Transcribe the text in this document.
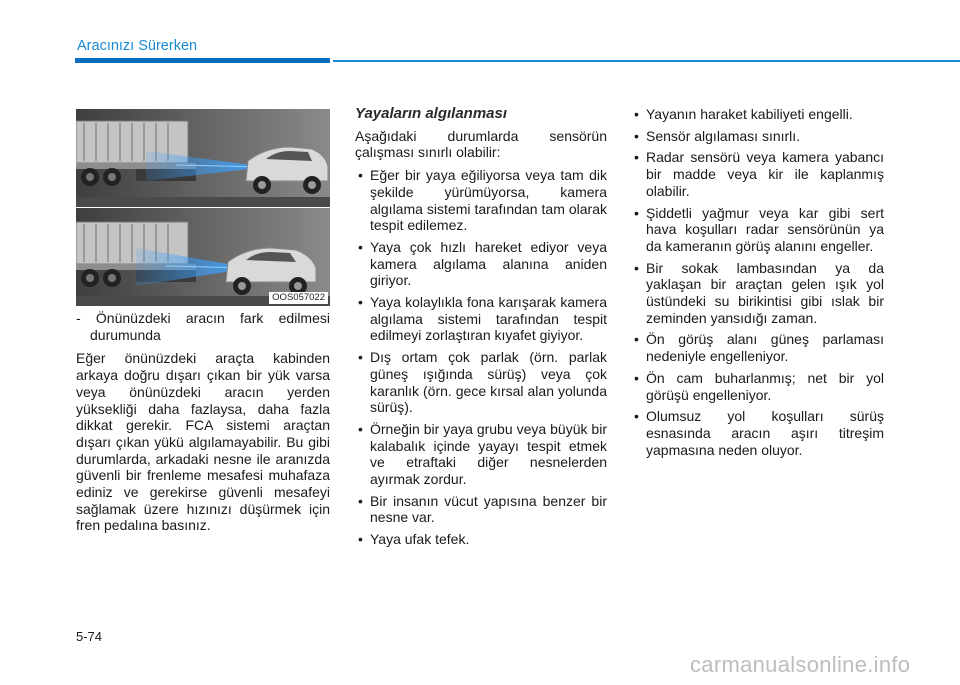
Aracınızı Sürerken
OOS057022

- Önünüzdeki aracın fark edilmesi durumunda

Eğer önünüzdeki araçta kabinden arkaya doğru dışarı çıkan bir yük varsa veya önünüzdeki aracın yerden yüksekliği daha fazlaysa, daha fazla dikkat gerekir. FCA sistemi araçtan dışarı çıkan yükü algılamayabilir. Bu gibi durumlarda, arkadaki nesne ile aranızda güvenli bir frenleme mesafesi muhafaza ediniz ve gerekirse güvenli mesafeyi sağlamak üzere hızınızı düşürmek için fren pedalına basınız.

Yayaların algılanması

Aşağıdaki durumlarda sensörün çalışması sınırlı olabilir:

• Eğer bir yaya eğiliyorsa veya tam dik şekilde yürümüyorsa, kamera algılama sistemi tarafından tam olarak tespit edilemez.
• Yaya çok hızlı hareket ediyor veya kamera algılama alanına aniden giriyor.
• Yaya kolaylıkla fona karışarak kamera algılama sistemi tarafından tespit edilmeyi zorlaştıran kıyafet giyiyor.
• Dış ortam çok parlak (örn. parlak güneş ışığında sürüş) veya çok karanlık (örn. gece kırsal alan yolunda sürüş).
• Örneğin bir yaya grubu veya büyük bir kalabalık içinde yayayı tespit etmek ve etraftaki diğer nesnelerden ayırmak zordur.
• Bir insanın vücut yapısına benzer bir nesne var.
• Yaya ufak tefek.
• Yayanın haraket kabiliyeti engelli.
• Sensör algılaması sınırlı.
• Radar sensörü veya kamera yabancı bir madde veya kir ile kaplanmış olabilir.
• Şiddetli yağmur veya kar gibi sert hava koşulları radar sensörünün ya da kameranın görüş alanını engeller.
• Bir sokak lambasından ya da yaklaşan bir araçtan gelen ışık yol üstündeki su birikintisi gibi ıslak bir zeminden yansıdığı zaman.
• Ön görüş alanı güneş parlaması nedeniyle engelleniyor.
• Ön cam buharlanmış; net bir yol görüşü engelleniyor.
• Olumsuz yol koşulları sürüş esnasında aracın aşırı titreşim yapmasına neden oluyor.
5-74
carmanualsonline.info
